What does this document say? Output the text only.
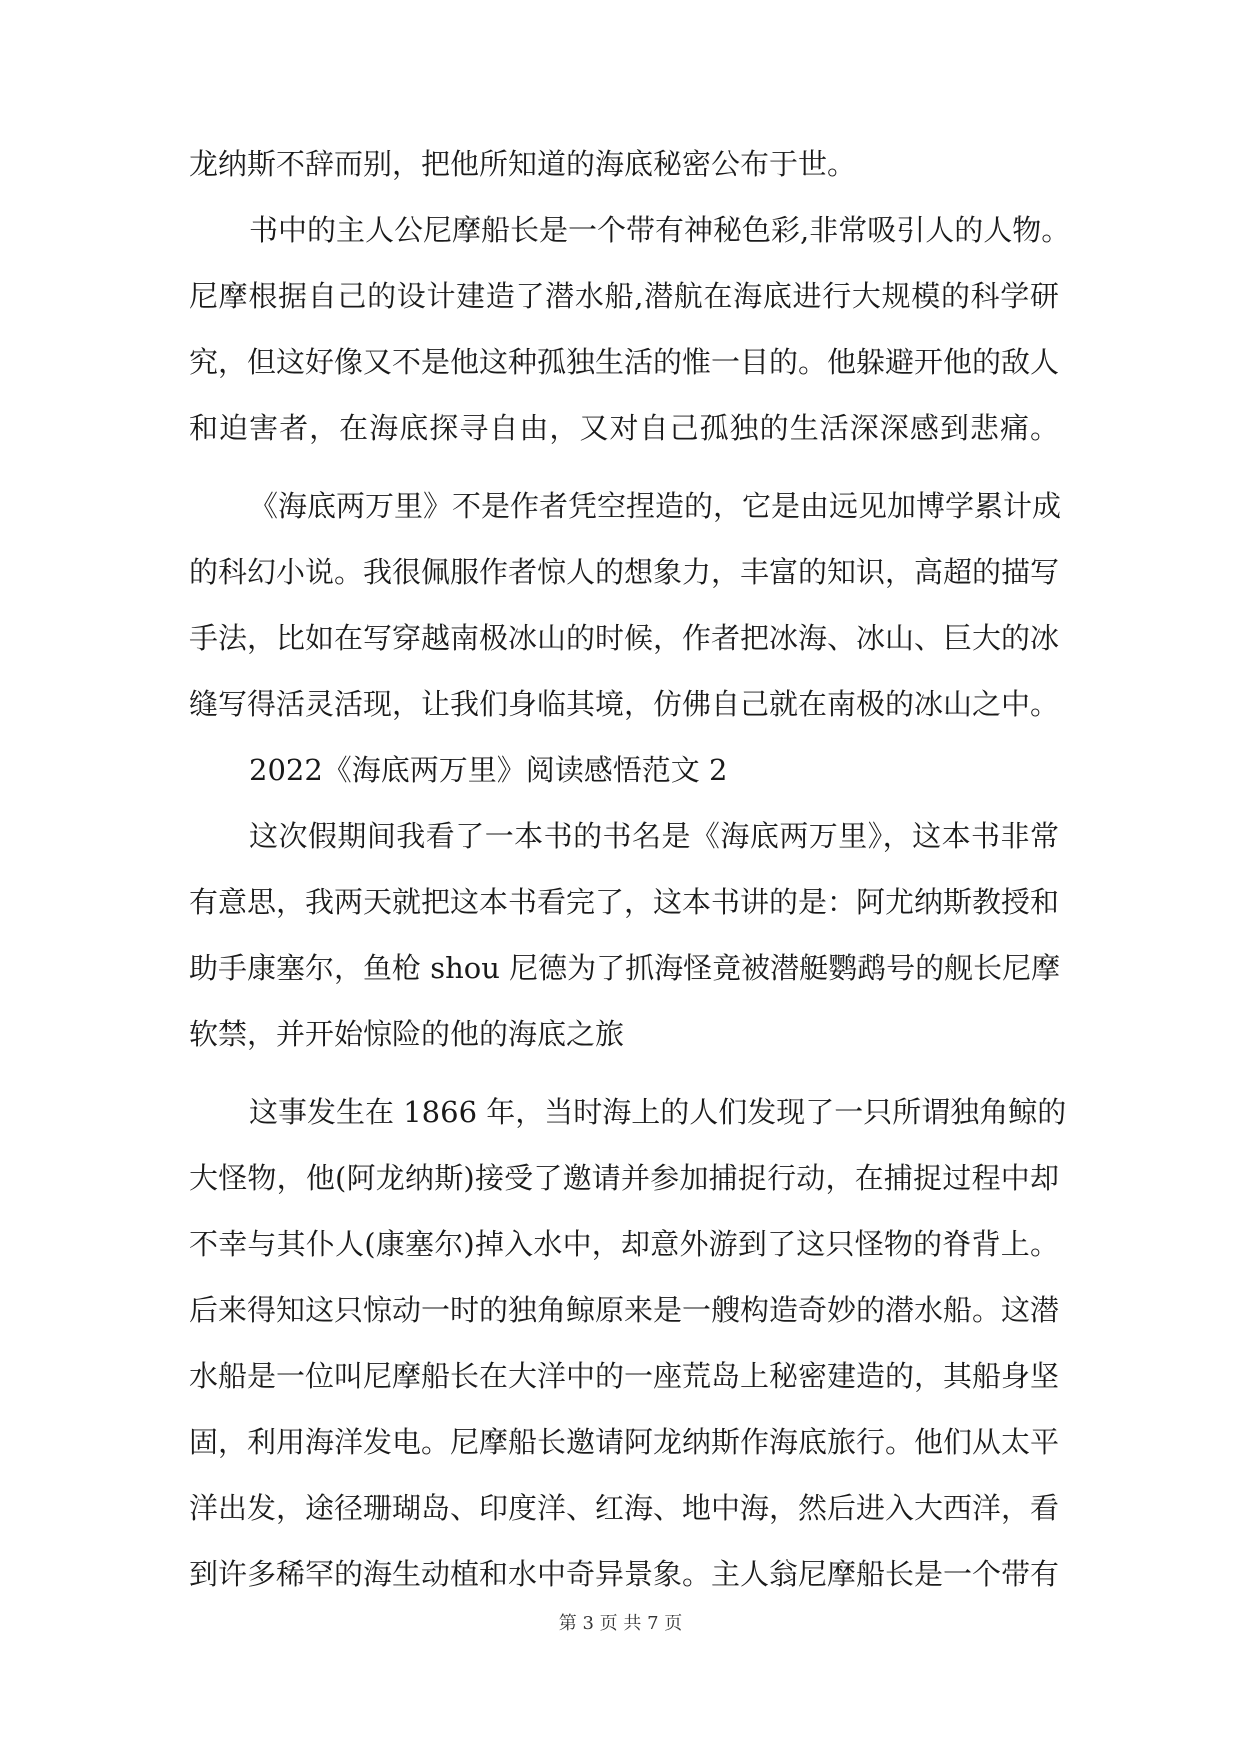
龙纳斯不辞而别，把他所知道的海底秘密公布于世。
书中的主人公尼摩船长是一个带有神秘色彩,非常吸引人的人物。
尼摩根据自己的设计建造了潜水船,潜航在海底进行大规模的科学研
究，但这好像又不是他这种孤独生活的惟一目的。他躲避开他的敌人
和迫害者，在海底探寻自由，又对自己孤独的生活深深感到悲痛。
《海底两万里》不是作者凭空捏造的，它是由远见加博学累计成
的科幻小说。我很佩服作者惊人的想象力，丰富的知识，高超的描写
手法，比如在写穿越南极冰山的时候，作者把冰海、冰山、巨大的冰
缝写得活灵活现，让我们身临其境，仿佛自己就在南极的冰山之中。
2022《海底两万里》阅读感悟范文 2
这次假期间我看了一本书的书名是《海底两万里》，这本书非常
有意思，我两天就把这本书看完了，这本书讲的是：阿尤纳斯教授和
助手康塞尔，鱼枪 shou 尼德为了抓海怪竟被潜艇鹦鹉号的舰长尼摩
软禁，并开始惊险的他的海底之旅
这事发生在 1866 年，当时海上的人们发现了一只所谓独角鲸的
大怪物，他(阿龙纳斯)接受了邀请并参加捕捉行动，在捕捉过程中却
不幸与其仆人(康塞尔)掉入水中，却意外游到了这只怪物的脊背上。
后来得知这只惊动一时的独角鲸原来是一艘构造奇妙的潜水船。这潜
水船是一位叫尼摩船长在大洋中的一座荒岛上秘密建造的，其船身坚
固，利用海洋发电。尼摩船长邀请阿龙纳斯作海底旅行。他们从太平
洋出发，途径珊瑚岛、印度洋、红海、地中海，然后进入大西洋，看
到许多稀罕的海生动植和水中奇异景象。主人翁尼摩船长是一个带有
第 3 页 共 7 页
